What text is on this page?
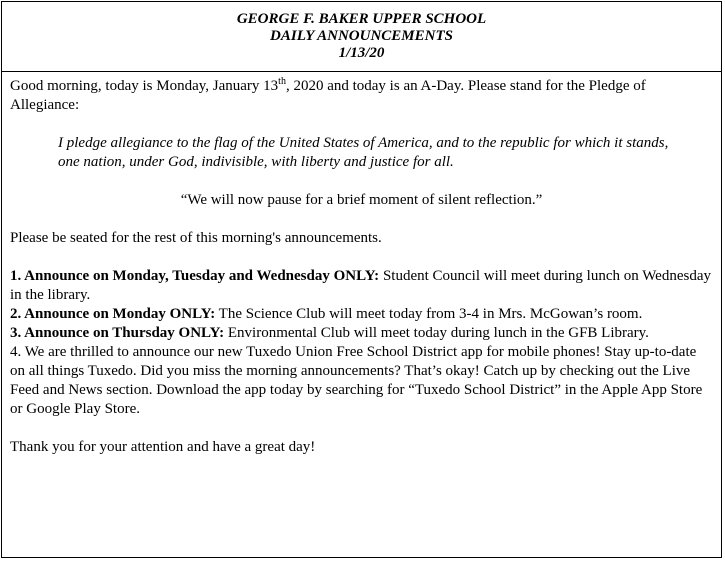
GEORGE F. BAKER UPPER SCHOOL
DAILY ANNOUNCEMENTS
1/13/20

Good morning, today is Monday, January 13th, 2020 and today is an A-Day. Please stand for the Pledge of Allegiance:

I pledge allegiance to the flag of the United States of America, and to the republic for which it stands, one nation, under God, indivisible, with liberty and justice for all.

“We will now pause for a brief moment of silent reflection.”

Please be seated for the rest of this morning's announcements.

1. Announce on Monday, Tuesday and Wednesday ONLY: Student Council will meet during lunch on Wednesday in the library.

2. Announce on Monday ONLY: The Science Club will meet today from 3-4 in Mrs. McGowan’s room.

3. Announce on Thursday ONLY: Environmental Club will meet today during lunch in the GFB Library.

4. We are thrilled to announce our new Tuxedo Union Free School District app for mobile phones! Stay up-to-date on all things Tuxedo. Did you miss the morning announcements? That’s okay! Catch up by checking out the Live Feed and News section. Download the app today by searching for “Tuxedo School District” in the Apple App Store or Google Play Store.

Thank you for your attention and have a great day!
